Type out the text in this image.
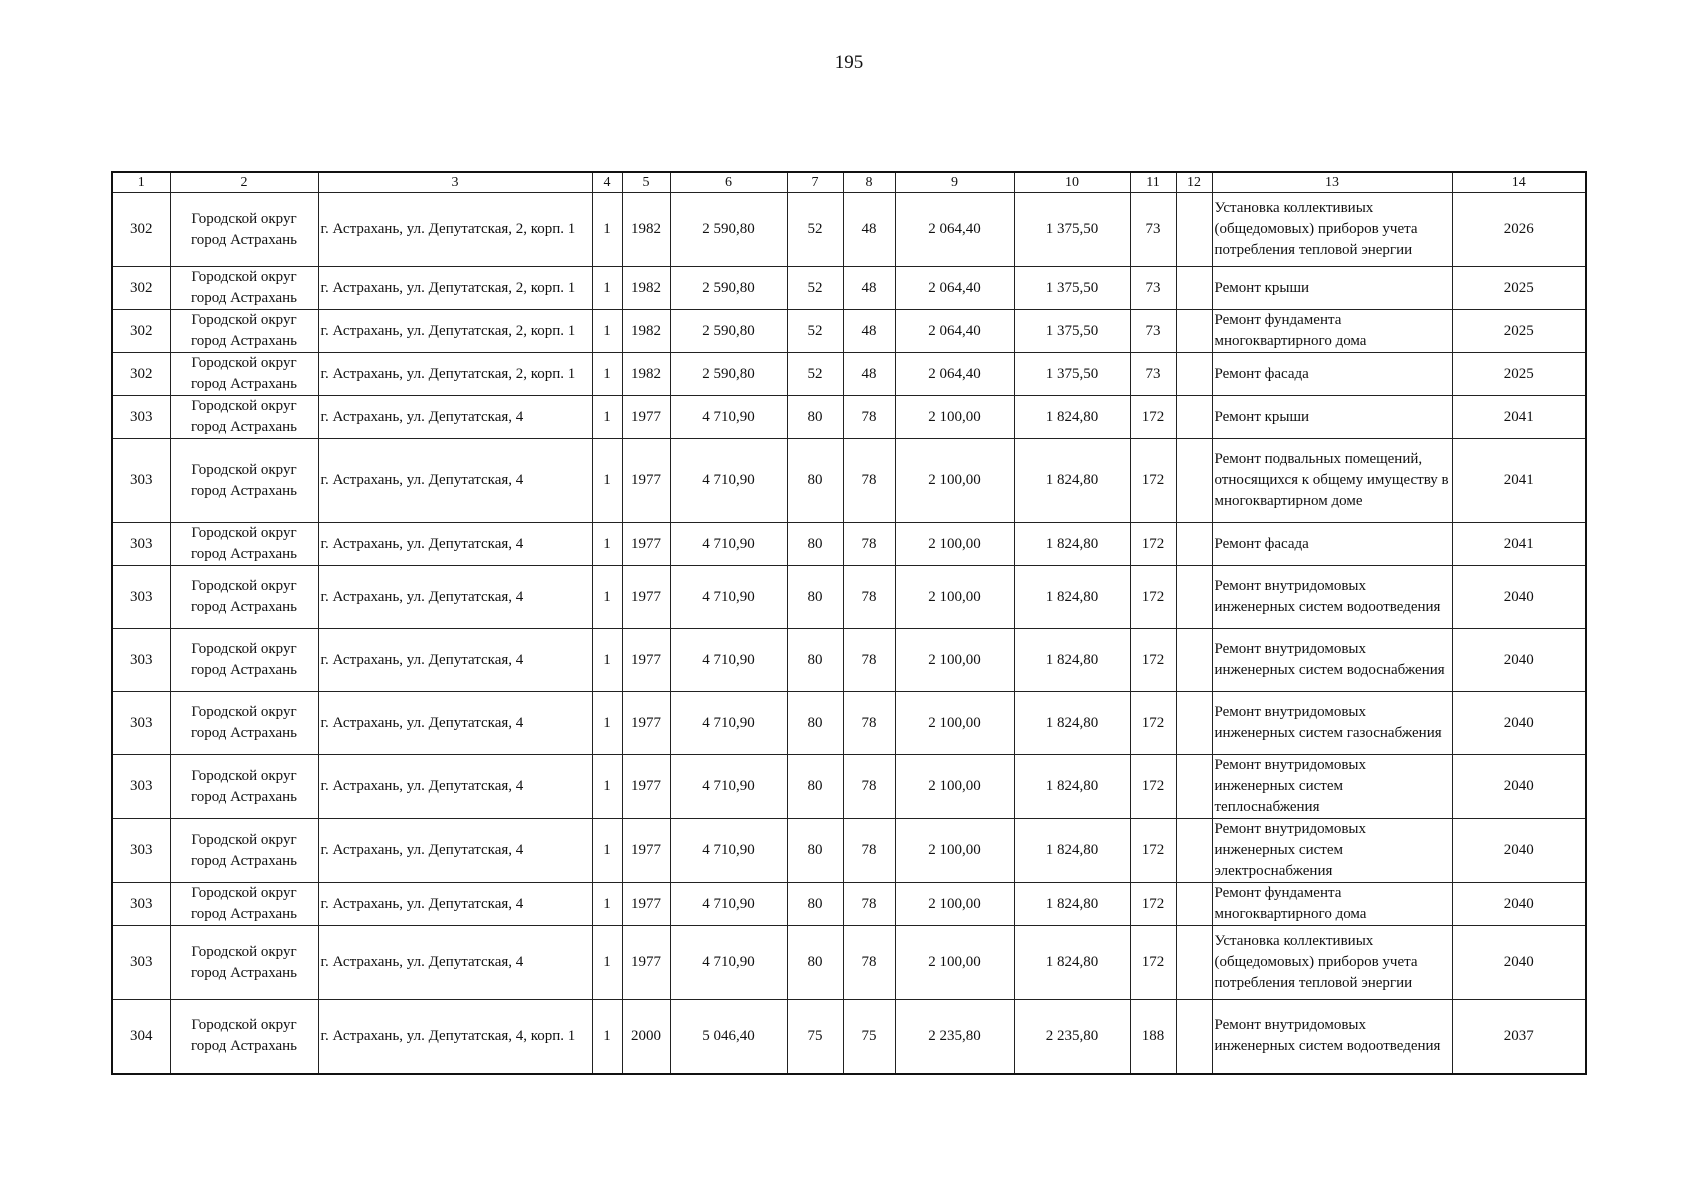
195
1	2	3	4	5	6	7	8	9	10	11	12	13	14
302	Городской округ город Астрахань	г. Астрахань, ул. Депутатская, 2, корп. 1	1	1982	2 590,80	52	48	2 064,40	1 375,50	73		Установка коллективиых (общедомовых) приборов учета потребления тепловой энергии	2026
302	Городской округ город Астрахань	г. Астрахань, ул. Депутатская, 2, корп. 1	1	1982	2 590,80	52	48	2 064,40	1 375,50	73		Ремонт крыши	2025
302	Городской округ город Астрахань	г. Астрахань, ул. Депутатская, 2, корп. 1	1	1982	2 590,80	52	48	2 064,40	1 375,50	73		Ремонт фундамента многоквартирного дома	2025
302	Городской округ город Астрахань	г. Астрахань, ул. Депутатская, 2, корп. 1	1	1982	2 590,80	52	48	2 064,40	1 375,50	73		Ремонт фасада	2025
303	Городской округ город Астрахань	г. Астрахань, ул. Депутатская, 4	1	1977	4 710,90	80	78	2 100,00	1 824,80	172		Ремонт крыши	2041
303	Городской округ город Астрахань	г. Астрахань, ул. Депутатская, 4	1	1977	4 710,90	80	78	2 100,00	1 824,80	172		Ремонт подвальных помещений, относящихся к общему имуществу в многоквартирном доме	2041
303	Городской округ город Астрахань	г. Астрахань, ул. Депутатская, 4	1	1977	4 710,90	80	78	2 100,00	1 824,80	172		Ремонт фасада	2041
303	Городской округ город Астрахань	г. Астрахань, ул. Депутатская, 4	1	1977	4 710,90	80	78	2 100,00	1 824,80	172		Ремонт внутридомовых инженерных систем водоотведения	2040
303	Городской округ город Астрахань	г. Астрахань, ул. Депутатская, 4	1	1977	4 710,90	80	78	2 100,00	1 824,80	172		Ремонт внутридомовых инженерных систем водоснабжения	2040
303	Городской округ город Астрахань	г. Астрахань, ул. Депутатская, 4	1	1977	4 710,90	80	78	2 100,00	1 824,80	172		Ремонт внутридомовых инженерных систем газоснабжения	2040
303	Городской округ город Астрахань	г. Астрахань, ул. Депутатская, 4	1	1977	4 710,90	80	78	2 100,00	1 824,80	172		Ремонт внутридомовых инженерных систем теплоснабжения	2040
303	Городской округ город Астрахань	г. Астрахань, ул. Депутатская, 4	1	1977	4 710,90	80	78	2 100,00	1 824,80	172		Ремонт внутридомовых инженерных систем электроснабжения	2040
303	Городской округ город Астрахань	г. Астрахань, ул. Депутатская, 4	1	1977	4 710,90	80	78	2 100,00	1 824,80	172		Ремонт фундамента многоквартирного дома	2040
303	Городской округ город Астрахань	г. Астрахань, ул. Депутатская, 4	1	1977	4 710,90	80	78	2 100,00	1 824,80	172		Установка коллективиых (общедомовых) приборов учета потребления тепловой энергии	2040
304	Городской округ город Астрахань	г. Астрахань, ул. Депутатская, 4, корп. 1	1	2000	5 046,40	75	75	2 235,80	2 235,80	188		Ремонт внутридомовых инженерных систем водоотведения	2037
